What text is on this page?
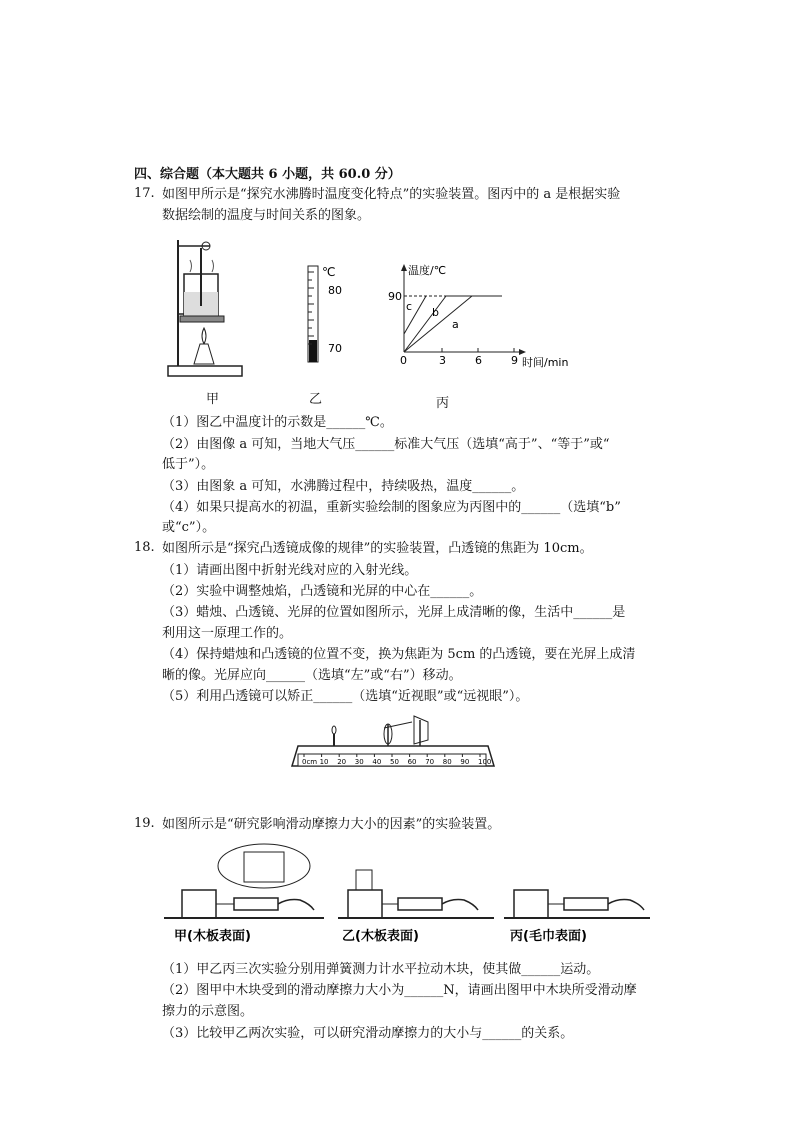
四、综合题（本大题共 6 小题，共 60.0 分）
17. 如图甲所示是“探究水沸腾时温度变化特点”的实验装置。图丙中的 a 是根据实验
数据绘制的温度与时间关系的图象。
甲
℃
80
70
乙
温度/℃
90
0	3	6	9 时间/min
c b
a
丙
（1）图乙中温度计的示数是______℃。
（2）由图像 a 可知，当地大气压______标准大气压（选填“高于”、“等于”或“
低于”）。
（3）由图象 a 可知，水沸腾过程中，持续吸热，温度______。
（4）如果只提高水的初温，重新实验绘制的图象应为丙图中的______（选填“b”
或“c”）。
18. 如图所示是“探究凸透镜成像的规律”的实验装置，凸透镜的焦距为 10cm。
（1）请画出图中折射光线对应的入射光线。
（2）实验中调整烛焰，凸透镜和光屏的中心在______。
（3）蜡烛、凸透镜、光屏的位置如图所示，光屏上成清晰的像，生活中______是
利用这一原理工作的。
（4）保持蜡烛和凸透镜的位置不变，换为焦距为 5cm 的凸透镜，要在光屏上成清
晰的像。光屏应向______（选填“左”或“右”）移动。
（5）利用凸透镜可以矫正______（选填“近视眼”或“远视眼”）。
0cm 10 20 30 40 50 60 70 80 90 100
19. 如图所示是“研究影响滑动摩擦力大小的因素”的实验装置。
甲(木板表面)	乙(木板表面)	丙(毛巾表面)
（1）甲乙丙三次实验分别用弹簧测力计水平拉动木块，使其做______运动。
（2）图甲中木块受到的滑动摩擦力大小为______N，请画出图甲中木块所受滑动摩
擦力的示意图。
（3）比较甲乙两次实验，可以研究滑动摩擦力的大小与______的关系。
